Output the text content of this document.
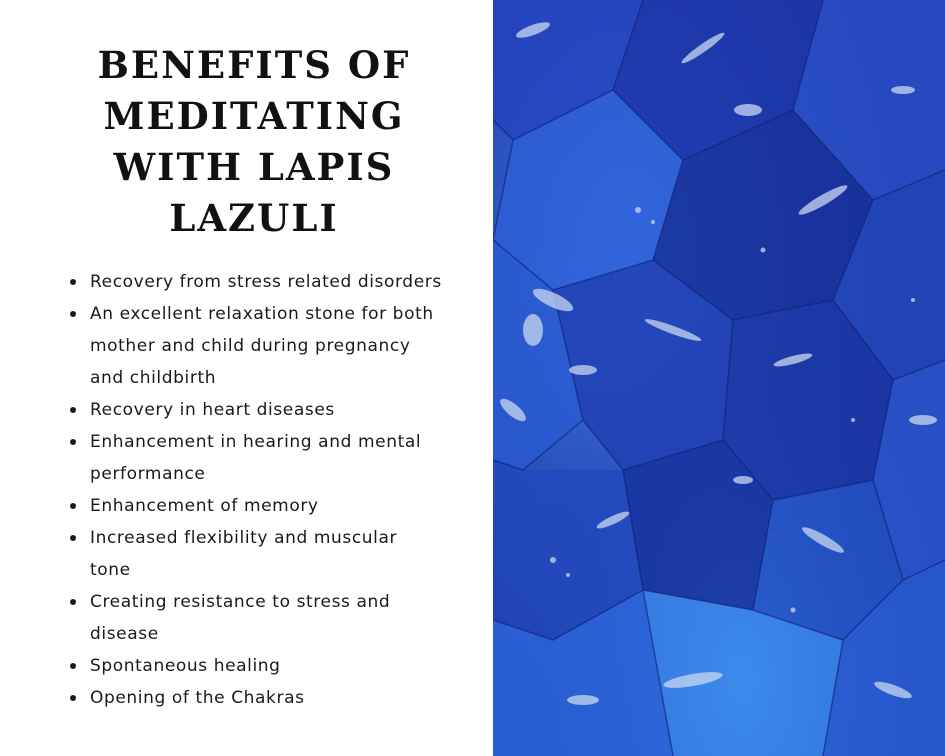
BENEFITS OF MEDITATING WITH LAPIS LAZULI
Recovery from stress related disorders
An excellent relaxation stone for both mother and child during pregnancy and childbirth
Recovery in heart diseases
Enhancement in hearing and mental performance
Enhancement of memory
Increased flexibility and muscular tone
Creating resistance to stress and disease
Spontaneous healing
Opening of the Chakras
